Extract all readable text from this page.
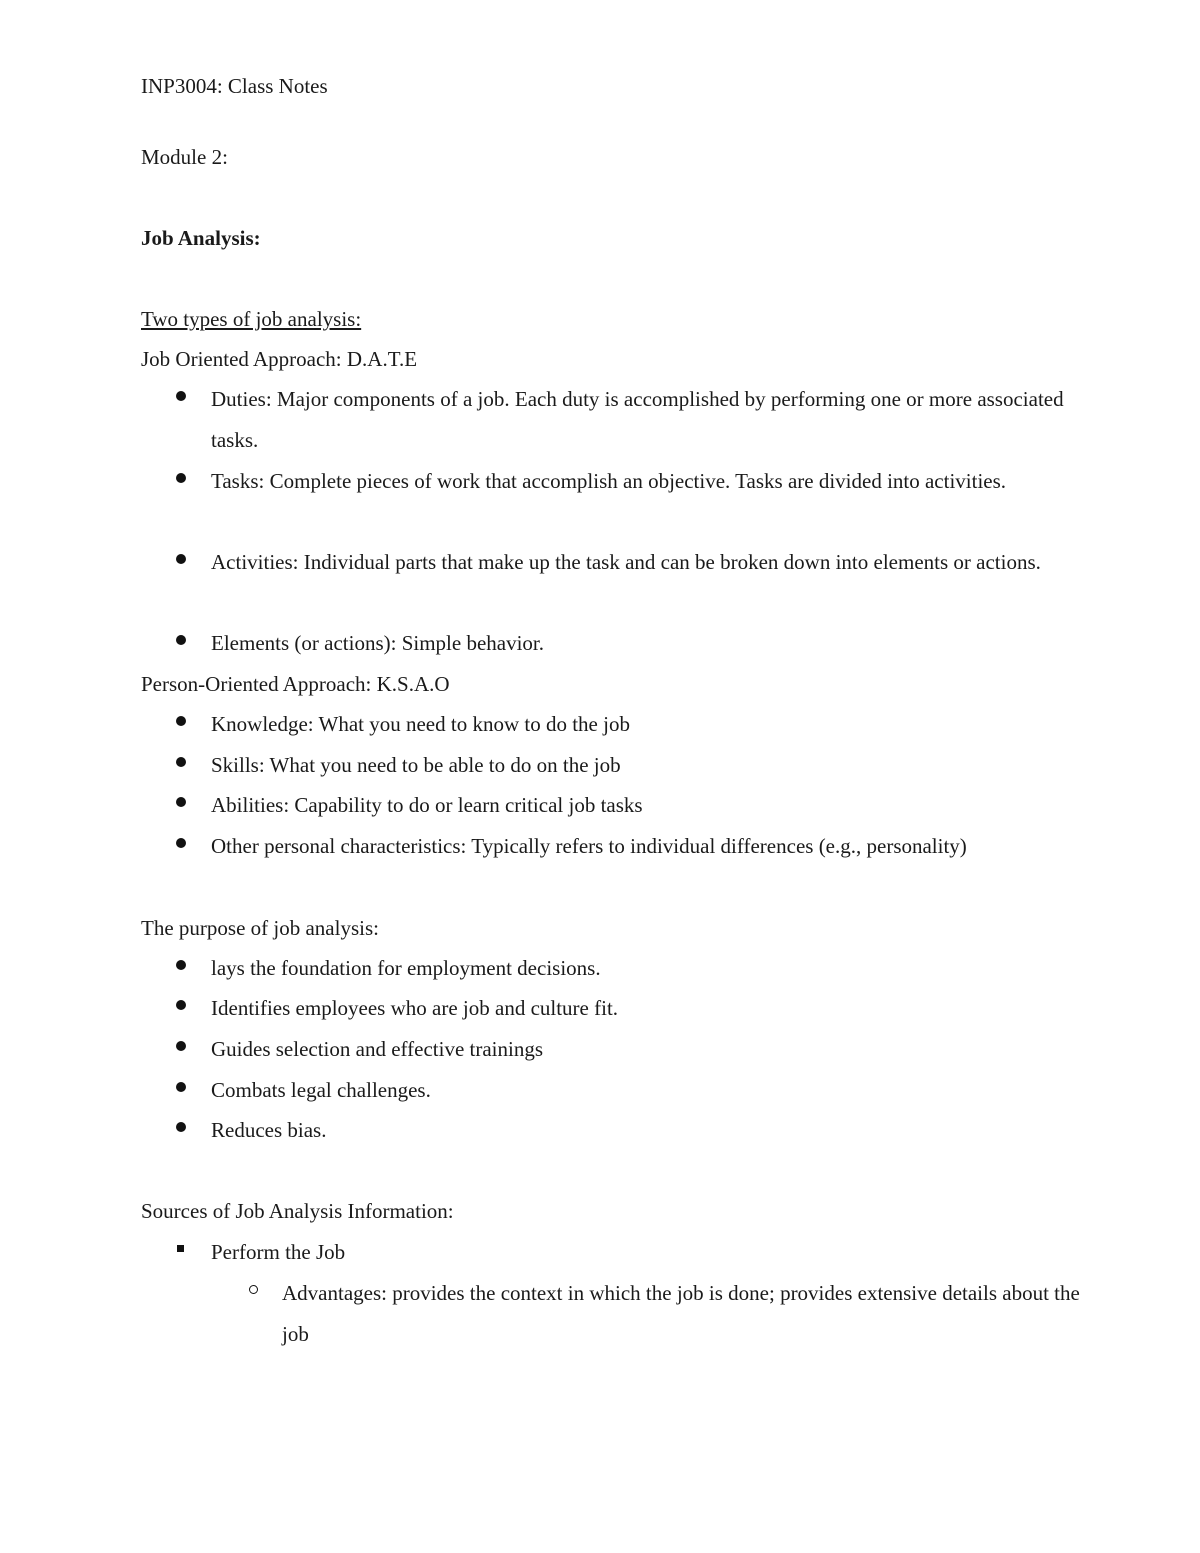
INP3004: Class Notes
Module 2:
Job Analysis:
Two types of job analysis:
Job Oriented Approach: D.A.T.E
Duties: Major components of a job. Each duty is accomplished by performing one or more associated tasks.
Tasks: Complete pieces of work that accomplish an objective. Tasks are divided into activities.
Activities: Individual parts that make up the task and can be broken down into elements or actions.
Elements (or actions): Simple behavior.
Person-Oriented Approach: K.S.A.O
Knowledge: What you need to know to do the job
Skills: What you need to be able to do on the job
Abilities: Capability to do or learn critical job tasks
Other personal characteristics: Typically refers to individual differences (e.g., personality)
The purpose of job analysis:
lays the foundation for employment decisions.
Identifies employees who are job and culture fit.
Guides selection and effective trainings
Combats legal challenges.
Reduces bias.
Sources of Job Analysis Information:
Perform the Job
Advantages: provides the context in which the job is done; provides extensive details about the job
